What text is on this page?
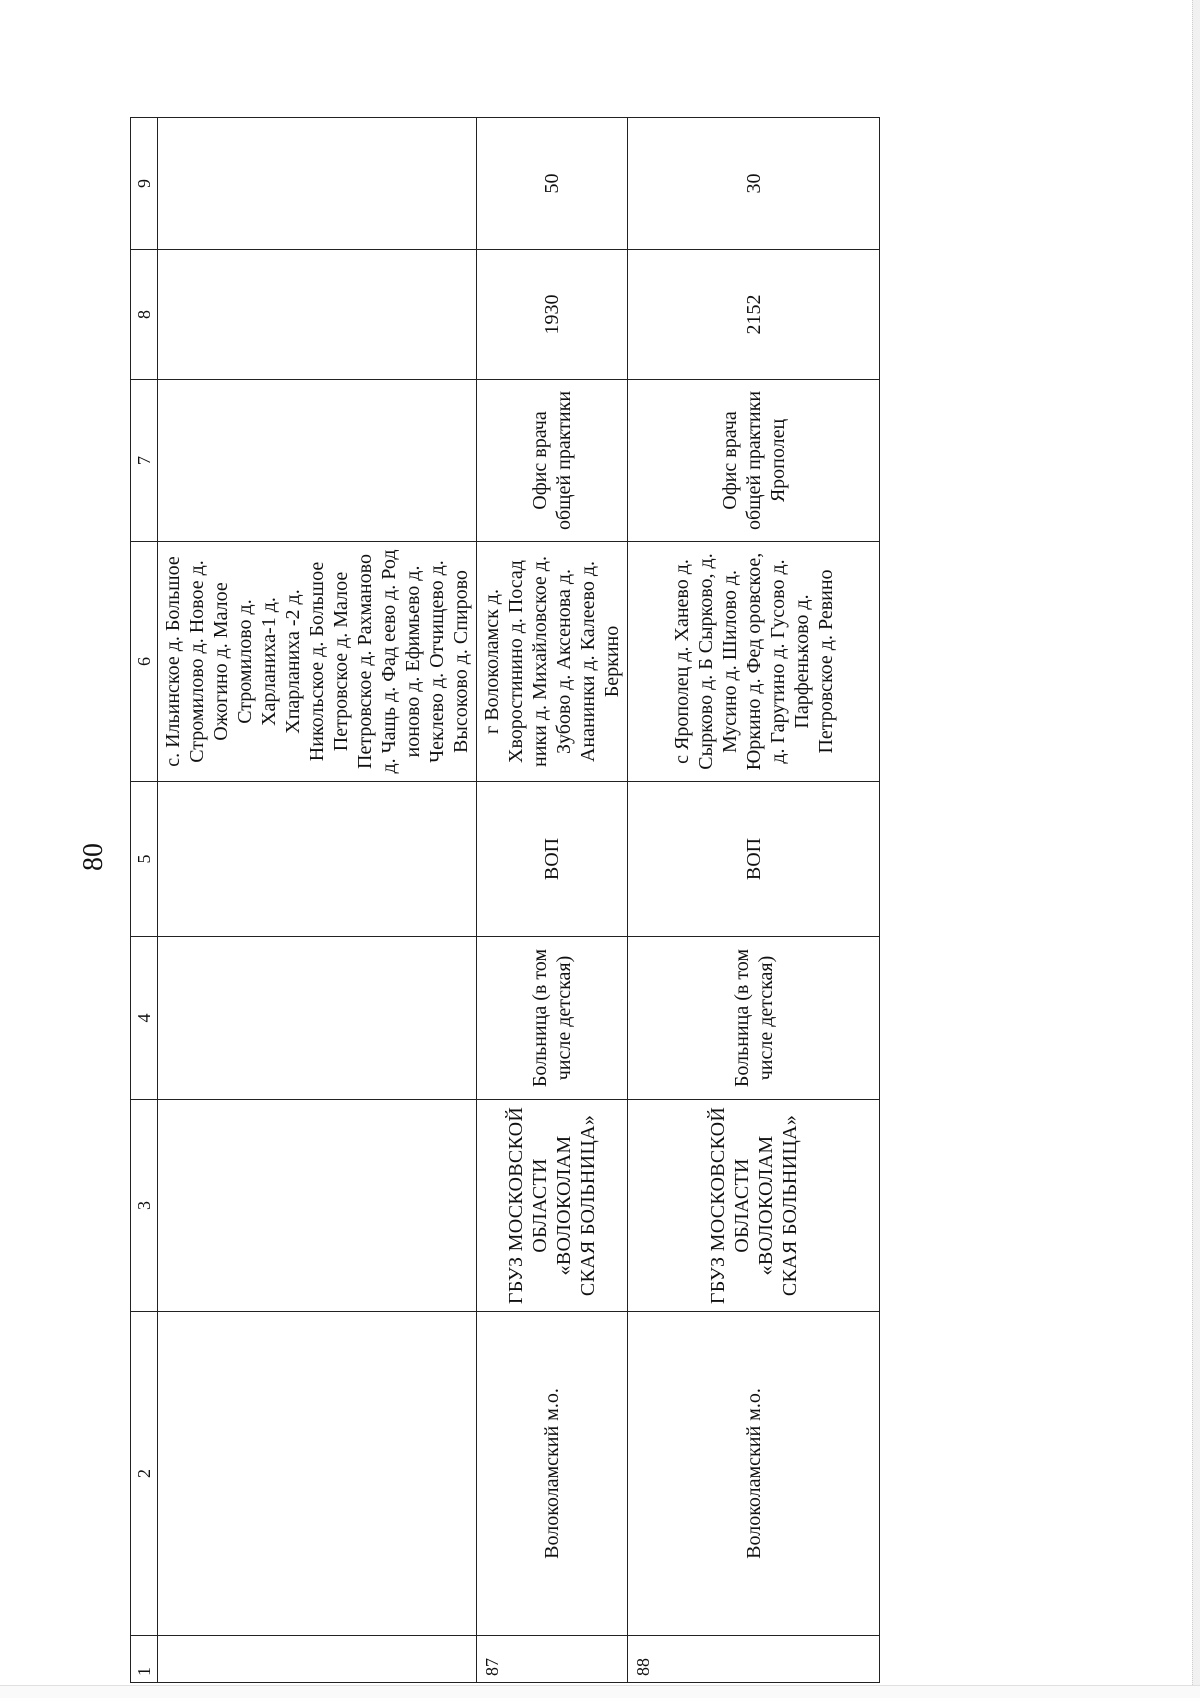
80
1	2	3	4	5	6	7	8	9
					с. Ильинское д. Большое Стромилово д. Новое д. Ожогино д. Малое Стромилово д. Харланиха-1 д. Хпарланиха -2 д. Никольское д. Большое Петровское д. Малое Петровское д. Рахманово д. Чащь д. Фад еево д. Род ионово д. Ефимьево д. Чеклево д. Отчищево д. Высоково д. Спирово			
87	Волоколамский м.о.	ГБУЗ МОСКОВСКОЙ ОБЛАСТИ «ВОЛОКОЛАМ СКАЯ БОЛЬНИЦА»	Больница (в том числе детская)	ВОП	г Волоколамск д. Хворостинино д. Посад ники д. Михайловское д. Зубово д. Аксенова д. Ананинки д. Калеево д. Беркино	Офис врача общей практики	1930	50
88	Волоколамский м.о.	ГБУЗ МОСКОВСКОЙ ОБЛАСТИ «ВОЛОКОЛАМ СКАЯ БОЛЬНИЦА»	Больница (в том числе детская)	ВОП	с Ярополец д. Ханево д. Сырково д. Б Сырково, д. Мусино д. Шилово д. Юркино д. Фед оровское, д. Гарутино д. Гусово д. Парфенькoво д. Петровское д. Ревино	Офис врача общей практики Ярополец	2152	30
